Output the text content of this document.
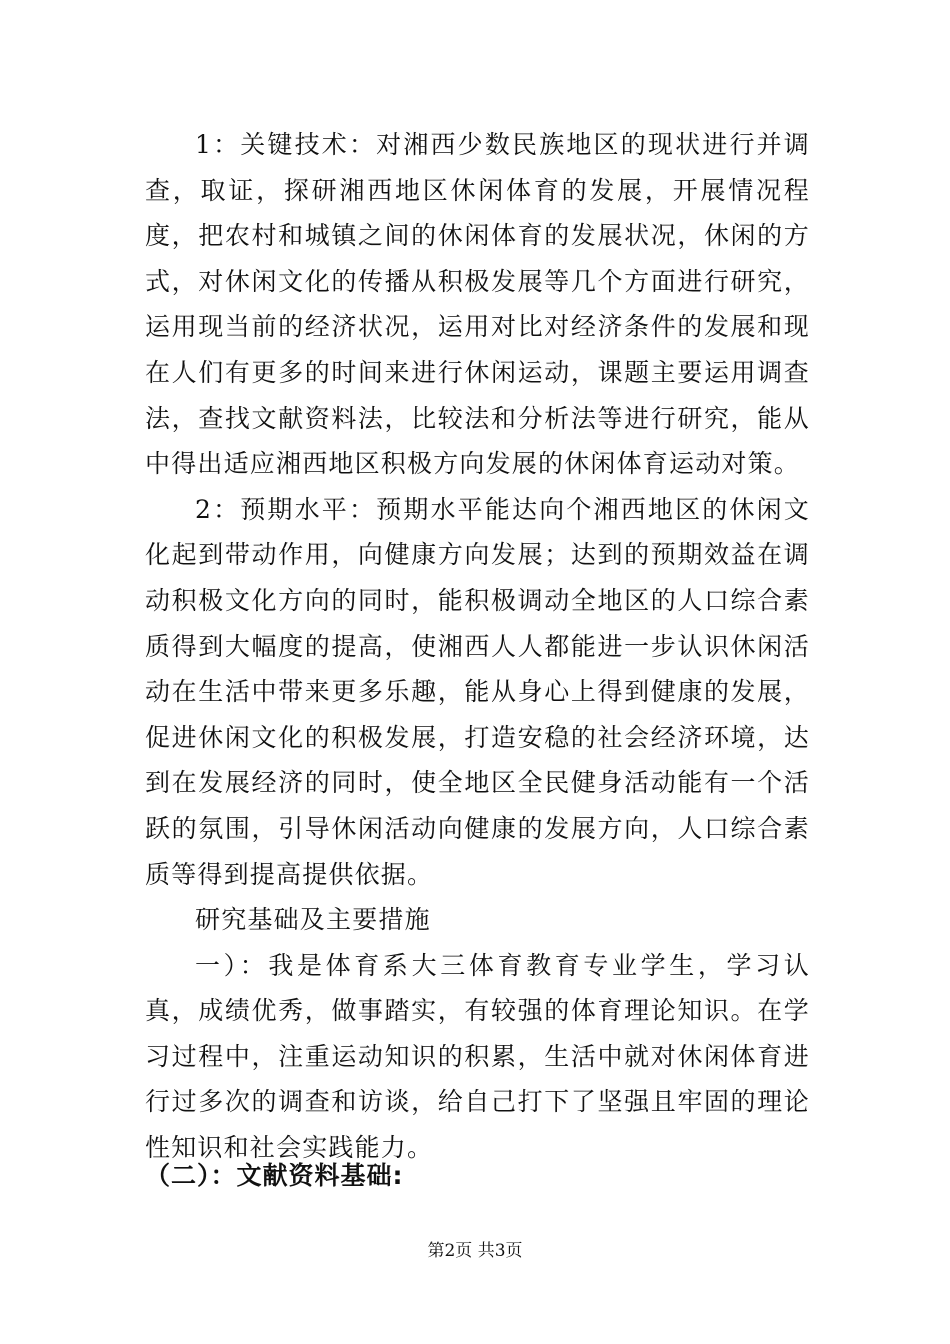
1：关键技术：对湘西少数民族地区的现状进行并调查，取证，探研湘西地区休闲体育的发展，开展情况程度，把农村和城镇之间的休闲体育的发展状况，休闲的方式，对休闲文化的传播从积极发展等几个方面进行研究，运用现当前的经济状况，运用对比对经济条件的发展和现在人们有更多的时间来进行休闲运动，课题主要运用调查法，查找文献资料法，比较法和分析法等进行研究，能从中得出适应湘西地区积极方向发展的休闲体育运动对策。

2：预期水平：预期水平能达向个湘西地区的休闲文化起到带动作用，向健康方向发展；达到的预期效益在调动积极文化方向的同时，能积极调动全地区的人口综合素质得到大幅度的提高，使湘西人人都能进一步认识休闲活动在生活中带来更多乐趣，能从身心上得到健康的发展，促进休闲文化的积极发展，打造安稳的社会经济环境，达到在发展经济的同时，使全地区全民健身活动能有一个活跃的氛围，引导休闲活动向健康的发展方向，人口综合素质等得到提高提供依据。

研究基础及主要措施

一）：我是体育系大三体育教育专业学生，学习认真，成绩优秀，做事踏实，有较强的体育理论知识。在学习过程中，注重运动知识的积累，生活中就对休闲体育进行过多次的调查和访谈，给自己打下了坚强且牢固的理论性知识和社会实践能力。

（二）：文献资料基础:
第2页 共3页
